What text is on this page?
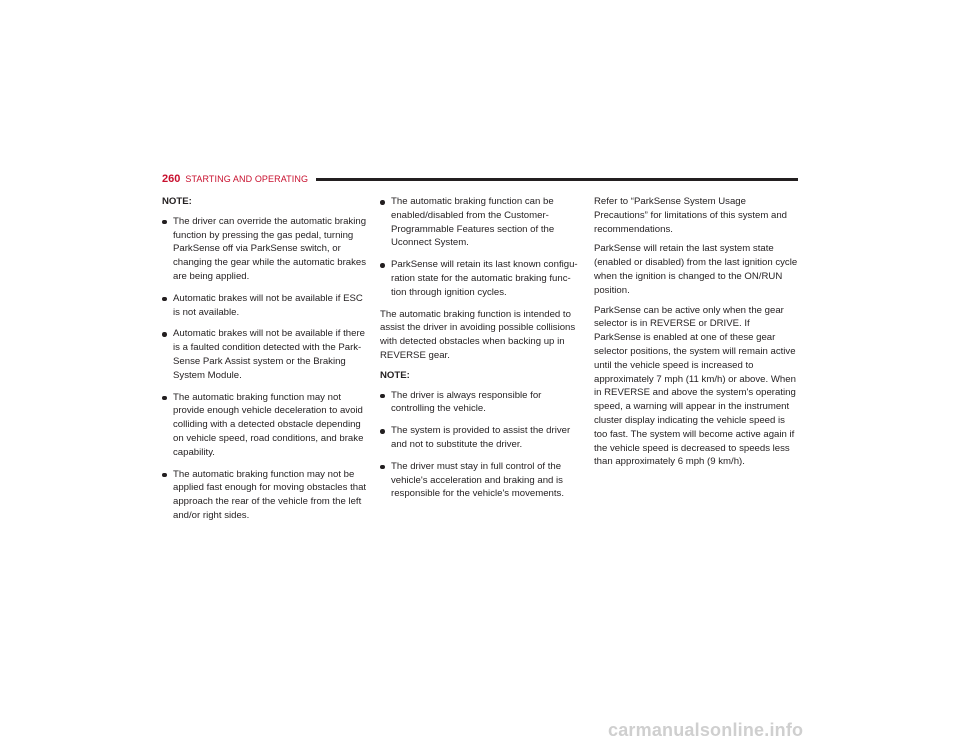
260 STARTING AND OPERATING
NOTE:
The driver can override the automatic braking function by pressing the gas pedal, turning ParkSense off via ParkSense switch, or changing the gear while the automatic brakes are being applied.
Automatic brakes will not be available if ESC is not available.
Automatic brakes will not be available if there is a faulted condition detected with the Park-Sense Park Assist system or the Braking System Module.
The automatic braking function may not provide enough vehicle deceleration to avoid colliding with a detected obstacle depending on vehicle speed, road conditions, and brake capability.
The automatic braking function may not be applied fast enough for moving obstacles that approach the rear of the vehicle from the left and/or right sides.
The automatic braking function can be enabled/disabled from the Customer-Programmable Features section of the Uconnect System.
ParkSense will retain its last known configu-ration state for the automatic braking func-tion through ignition cycles.

The automatic braking function is intended to assist the driver in avoiding possible collisions with detected obstacles when backing up in REVERSE gear.

NOTE:
The driver is always responsible for controlling the vehicle.
The system is provided to assist the driver and not to substitute the driver.
The driver must stay in full control of the vehicle's acceleration and braking and is responsible for the vehicle's movements.

Refer to “ParkSense System Usage Precautions” for limitations of this system and recommendations.

ParkSense will retain the last system state (enabled or disabled) from the last ignition cycle when the ignition is changed to the ON/RUN position.

ParkSense can be active only when the gear selector is in REVERSE or DRIVE. If ParkSense is enabled at one of these gear selector positions, the system will remain active until the vehicle speed is increased to approximately 7 mph (11 km/h) or above. When in REVERSE and above the system's operating speed, a warning will appear in the instrument cluster display indicating the vehicle speed is too fast. The system will become active again if the vehicle speed is decreased to speeds less than approximately 6 mph (9 km/h).

carmanualsonline.info
